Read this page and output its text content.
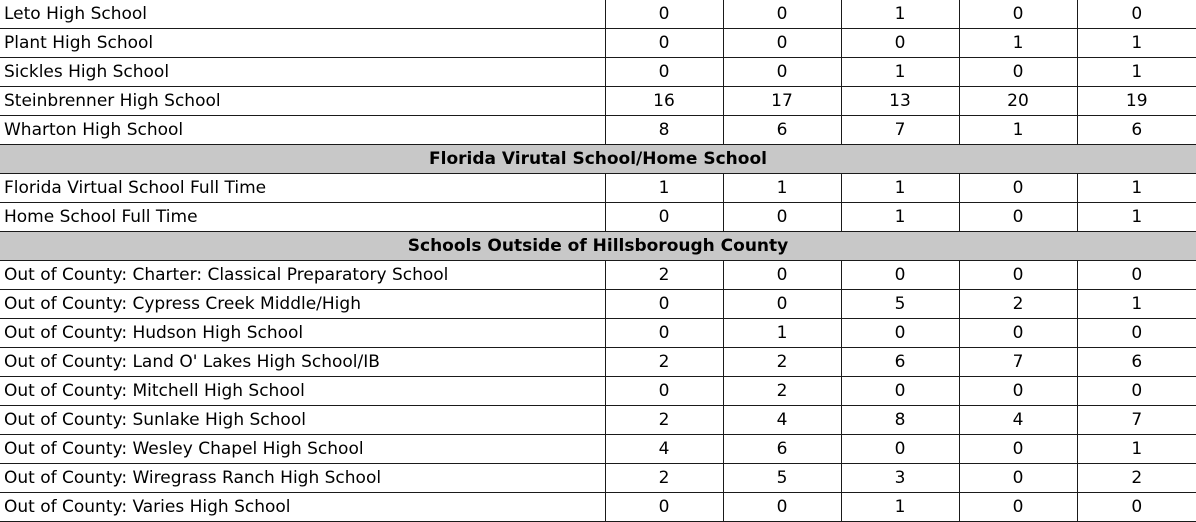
Leto High School	0	0	1	0	0
Plant High School	0	0	0	1	1
Sickles High School	0	0	1	0	1
Steinbrenner High School	16	17	13	20	19
Wharton High School	8	6	7	1	6
Florida Virutal School/Home School					
Florida Virtual School Full Time	1	1	1	0	1
Home School Full Time	0	0	1	0	1
Schools Outside of Hillsborough County					
Out of County: Charter: Classical Preparatory School	2	0	0	0	0
Out of County: Cypress Creek Middle/High	0	0	5	2	1
Out of County: Hudson High School	0	1	0	0	0
Out of County: Land O' Lakes High School/IB	2	2	6	7	6
Out of County: Mitchell High School	0	2	0	0	0
Out of County: Sunlake High School	2	4	8	4	7
Out of County: Wesley Chapel High School	4	6	0	0	1
Out of County: Wiregrass Ranch High School	2	5	3	0	2
Out of County: Varies High School	0	0	1	0	0
